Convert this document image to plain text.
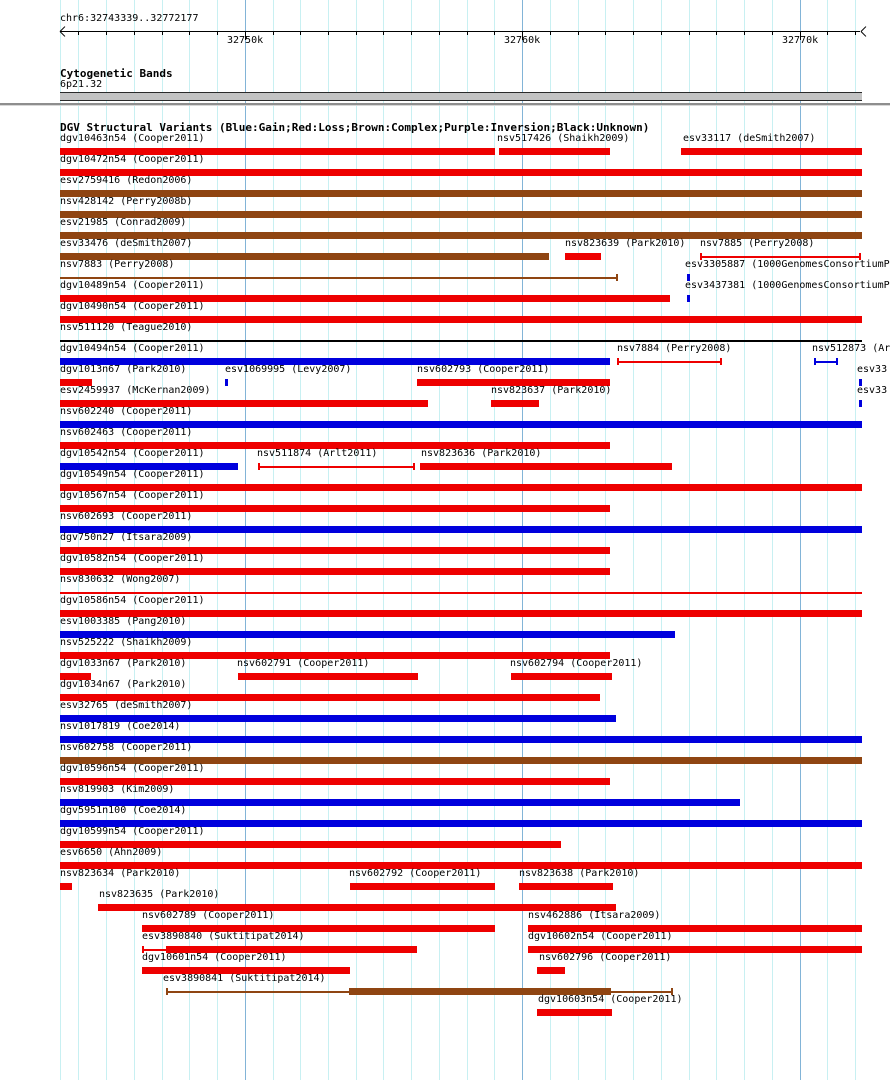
chr6:32743339..32772177
32750k	32760k	32770k
Cytogenetic Bands
6p21.32
DGV Structural Variants (Blue:Gain;Red:Loss;Brown:Complex;Purple:Inversion;Black:Unknown)
dgv10463n54 (Cooper2011)	nsv517426 (Shaikh2009)	esv33117 (deSmith2007)
dgv10472n54 (Cooper2011)
esv2759416 (Redon2006)
nsv428142 (Perry2008b)
esv21985 (Conrad2009)
esv33476 (deSmith2007)	nsv823639 (Park2010) nsv7885 (Perry2008)
nsv7883 (Perry2008)	esv3305887 (1000GenomesConsortiumP
dgv10489n54 (Cooper2011)	esv3437381 (1000GenomesConsortiumP
dgv10490n54 (Cooper2011)
nsv511120 (Teague2010)
dgv10494n54 (Cooper2011)	nsv7884 (Perry2008)	nsv512873 (Ar
dgv1013n67 (Park2010)	esv1069995 (Levy2007)	nsv602793 (Cooper2011)	esv33
esv2459937 (McKernan2009)	nsv823637 (Park2010)	esv33
nsv602240 (Cooper2011)
nsv602463 (Cooper2011)
dgv10542n54 (Cooper2011)	nsv511874 (Arlt2011)	nsv823636 (Park2010)
dgv10549n54 (Cooper2011)
dgv10567n54 (Cooper2011)
nsv602693 (Cooper2011)
dgv750n27 (Itsara2009)
dgv10582n54 (Cooper2011)
nsv830632 (Wong2007)
dgv10586n54 (Cooper2011)
esv1003385 (Pang2010)
nsv525222 (Shaikh2009)
dgv1033n67 (Park2010)	nsv602791 (Cooper2011)	nsv602794 (Cooper2011)
dgv1034n67 (Park2010)
esv32765 (deSmith2007)
nsv1017819 (Coe2014)
nsv602758 (Cooper2011)
dgv10596n54 (Cooper2011)
nsv819903 (Kim2009)
dgv5951n100 (Coe2014)
dgv10599n54 (Cooper2011)
esv6650 (Ahn2009)
nsv823634 (Park2010)	nsv602792 (Cooper2011)	nsv823638 (Park2010)
nsv823635 (Park2010)
nsv602789 (Cooper2011)	nsv462886 (Itsara2009)
esv3890840 (Suktitipat2014)	dgv10602n54 (Cooper2011)
dgv10601n54 (Cooper2011)	nsv602796 (Cooper2011)
esv3890841 (Suktitipat2014)
dgv10603n54 (Cooper2011)
